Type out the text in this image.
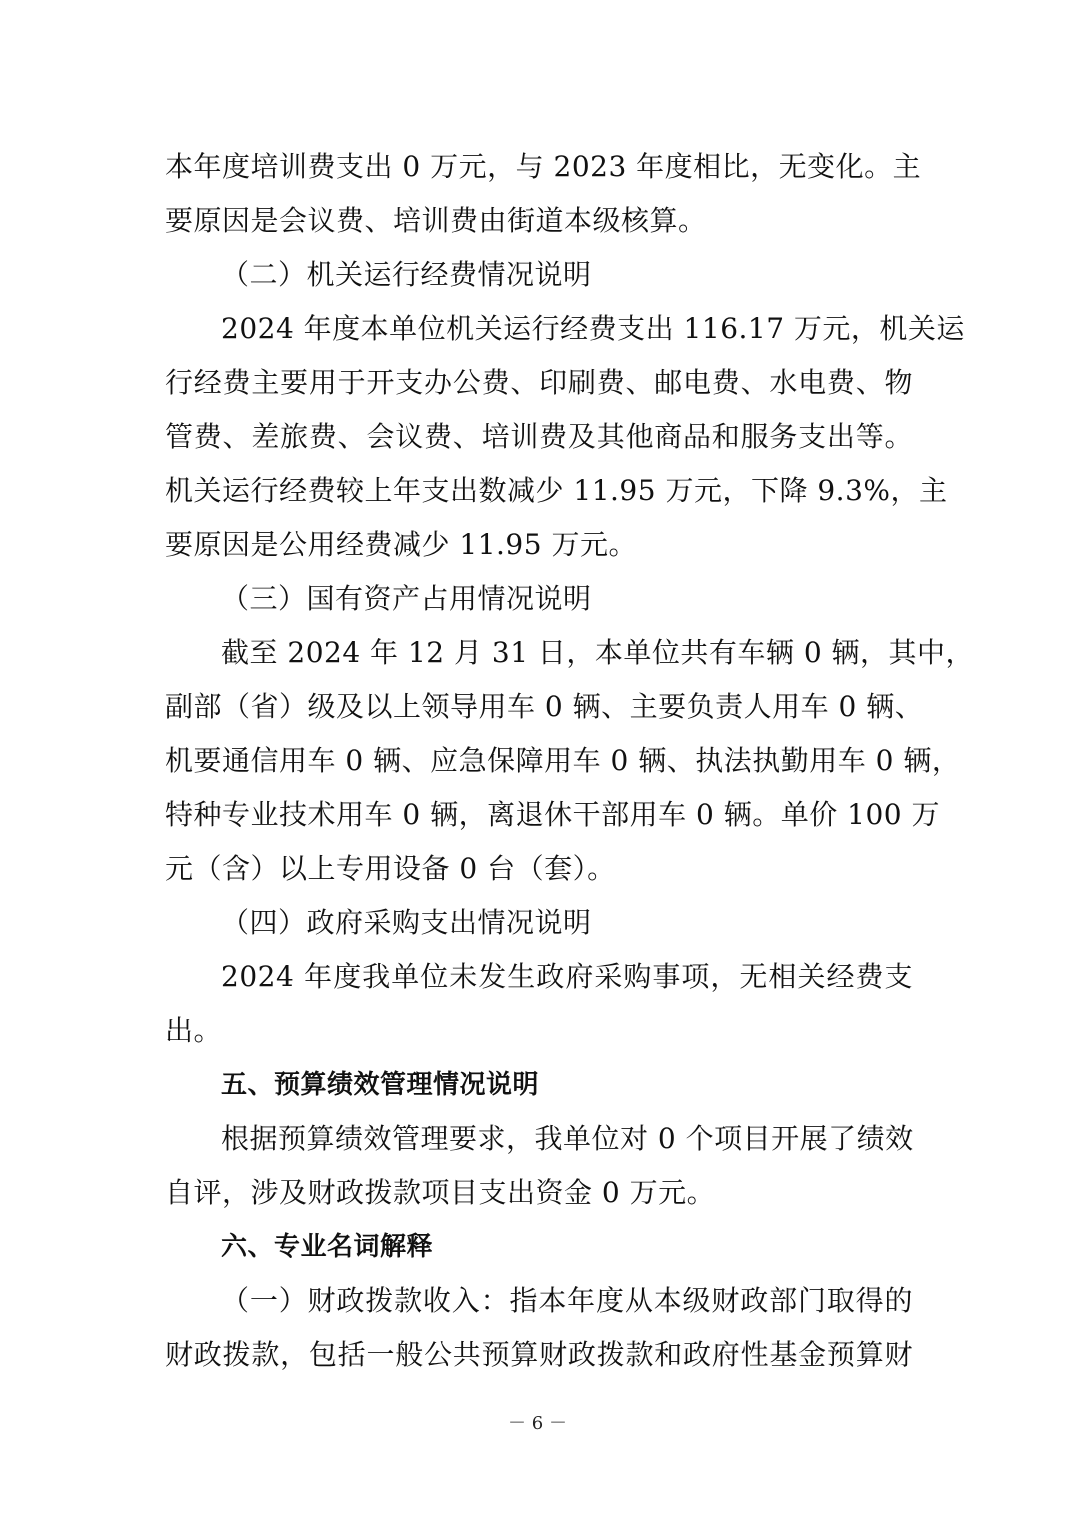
本年度培训费支出 0 万元，与 2023 年度相比，无变化。主
要原因是会议费、培训费由街道本级核算。
（二）机关运行经费情况说明
2024 年度本单位机关运行经费支出 116.17 万元，机关运
行经费主要用于开支办公费、印刷费、邮电费、水电费、物
管费、差旅费、会议费、培训费及其他商品和服务支出等。
机关运行经费较上年支出数减少 11.95 万元，下降 9.3%，主
要原因是公用经费减少 11.95 万元。
（三）国有资产占用情况说明
截至 2024 年 12 月 31 日，本单位共有车辆 0 辆，其中，
副部（省）级及以上领导用车 0 辆、主要负责人用车 0 辆、
机要通信用车 0 辆、应急保障用车 0 辆、执法执勤用车 0 辆，
特种专业技术用车 0 辆，离退休干部用车 0 辆。单价 100 万
元（含）以上专用设备 0 台（套）。
（四）政府采购支出情况说明
2024 年度我单位未发生政府采购事项，无相关经费支
出。
五、预算绩效管理情况说明
根据预算绩效管理要求，我单位对 0 个项目开展了绩效
自评，涉及财政拨款项目支出资金 0 万元。
六、专业名词解释
（一）财政拨款收入：指本年度从本级财政部门取得的
财政拨款，包括一般公共预算财政拨款和政府性基金预算财
－ 6 －
